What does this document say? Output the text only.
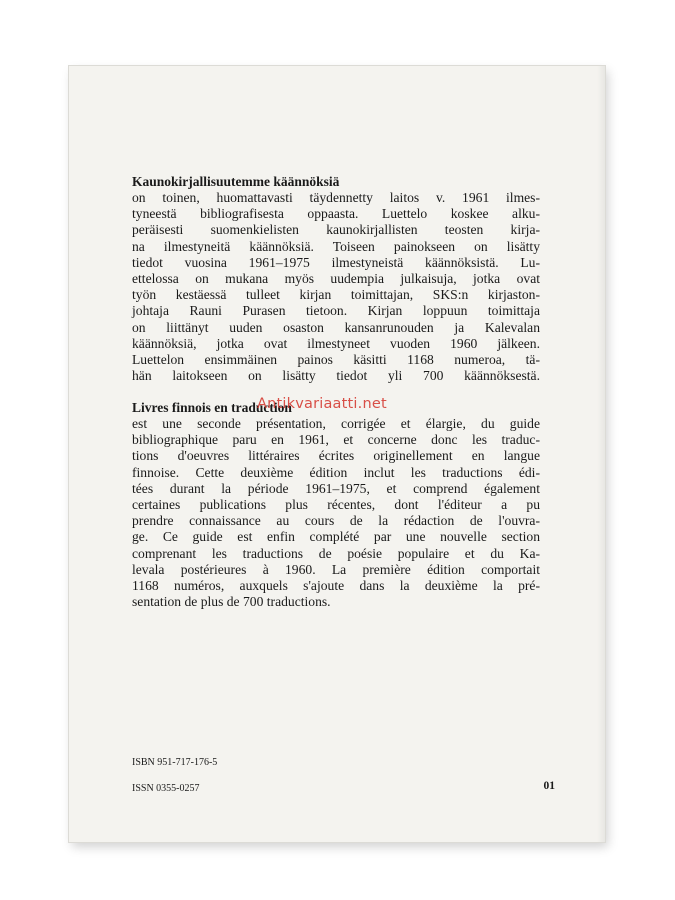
Kaunokirjallisuutemme käännöksiä
on toinen, huomattavasti täydennetty laitos v. 1961 ilmes-
tyneestä bibliografisesta oppaasta. Luettelo koskee alku-
peräisesti suomenkielisten kaunokirjallisten teosten kirja-
na ilmestyneitä käännöksiä. Toiseen painokseen on lisätty
tiedot vuosina 1961–1975 ilmestyneistä käännöksistä. Lu-
ettelossa on mukana myös uudempia julkaisuja, jotka ovat
työn kestäessä tulleet kirjan toimittajan, SKS:n kirjaston-
johtaja Rauni Purasen tietoon. Kirjan loppuun toimittaja
on liittänyt uuden osaston kansanrunouden ja Kalevalan
käännöksiä, jotka ovat ilmestyneet vuoden 1960 jälkeen.
Luettelon ensimmäinen painos käsitti 1168 numeroa, tä-
hän laitokseen on lisätty tiedot yli 700 käännöksestä.
Livres finnois en traduction
est une seconde présentation, corrigée et élargie, du guide
bibliographique paru en 1961, et concerne donc les traduc-
tions d'oeuvres littéraires écrites originellement en langue
finnoise. Cette deuxième édition inclut les traductions édi-
tées durant la période 1961–1975, et comprend également
certaines publications plus récentes, dont l'éditeur a pu
prendre connaissance au cours de la rédaction de l'ouvra-
ge. Ce guide est enfin complété par une nouvelle section
comprenant les traductions de poésie populaire et du Ka-
levala postérieures à 1960. La première édition comportait
1168 numéros, auxquels s'ajoute dans la deuxième la pré-
sentation de plus de 700 traductions.
ISBN 951-717-176-5
ISSN 0355-0257	01
Antikvariaatti.net
